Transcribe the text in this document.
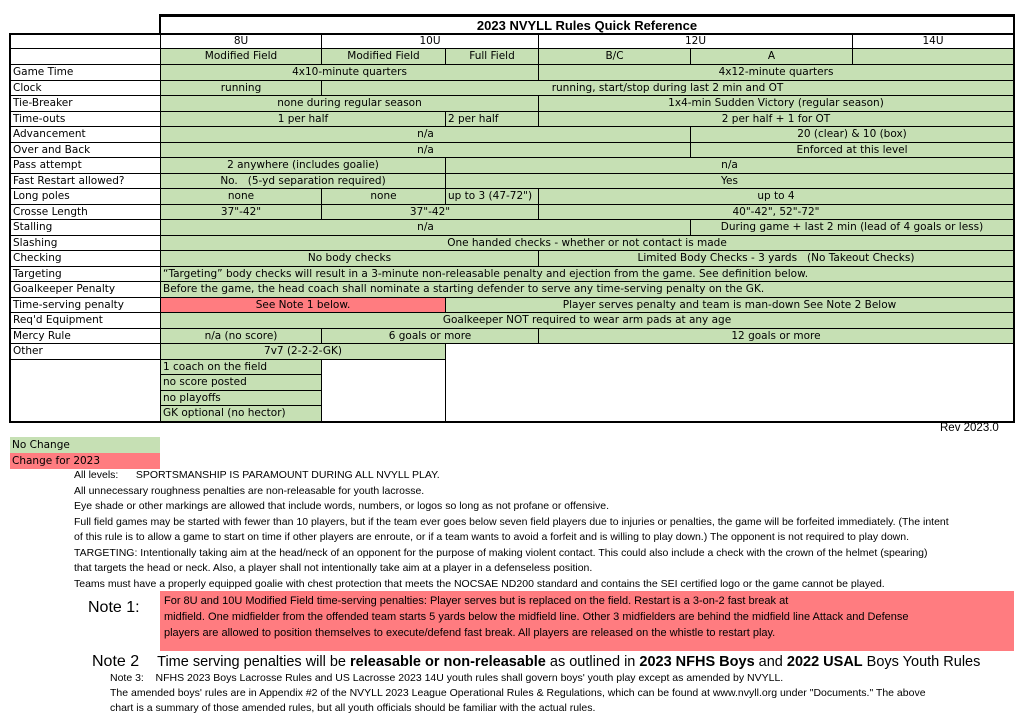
2023 NVYLL Rules Quick Reference
8U	10U	12U	14U
Modified Field	Modified Field	Full Field	B/C	A
Game Time	4x10-minute quarters	4x12-minute quarters
Clock	running	running, start/stop during last 2 min and OT
Tie-Breaker	none during regular season	1x4-min Sudden Victory (regular season)
Time-outs	1 per half	2 per half	2 per half + 1 for OT
Advancement	n/a	20 (clear) & 10 (box)
Over and Back	n/a	Enforced at this level
Pass attempt	2 anywhere (includes goalie)	n/a
Fast Restart allowed?	No.   (5-yd separation required)	Yes
Long poles	none	none	up to 3 (47-72")	up to 4
Crosse Length	37"-42"	37"-42"	40"-42", 52"-72"
Stalling	n/a	During game + last 2 min (lead of 4 goals or less)
Slashing	One handed checks - whether or not contact is made
Checking	No body checks	Limited Body Checks - 3 yards   (No Takeout Checks)
Targeting	“Targeting” body checks will result in a 3-minute non-releasable penalty and ejection from the game. See definition below.
Goalkeeper Penalty	Before the game, the head coach shall nominate a starting defender to serve any time-serving penalty on the GK.
Time-serving penalty	See Note 1 below.	Player serves penalty and team is man-down See Note 2 Below
Req'd Equipment	Goalkeeper NOT required to wear arm pads at any age
Mercy Rule	n/a (no score)	6 goals or more	12 goals or more
Other	7v7 (2-2-2-GK)
1 coach on the field
no score posted
no playoffs
GK optional (no hector)
Rev 2023.0
No Change
Change for 2023

All levels:      SPORTSMANSHIP IS PARAMOUNT DURING ALL NVYLL PLAY.

All unnecessary roughness penalties are non-releasable for youth lacrosse.

Eye shade or other markings are allowed that include words, numbers, or logos so long as not profane or offensive.

Full field games may be started with fewer than 10 players, but if the team ever goes below seven field players due to injuries or penalties, the game will be forfeited immediately. (The intent

of this rule is to allow a game to start on time if other players are enroute, or if a team wants to avoid a forfeit and is willing to play down.) The opponent is not required to play down.

TARGETING: Intentionally taking aim at the head/neck of an opponent for the purpose of making violent contact. This could also include a check with the crown of the helmet (spearing)

that targets the head or neck. Also, a player shall not intentionally take aim at a player in a defenseless position.

Teams must have a properly equipped goalie with chest protection that meets the NOCSAE ND200 standard and contains the SEI certified logo or the game cannot be played.

Note 1: For 8U and 10U Modified Field time-serving penalties: Player serves but is replaced on the field. Restart is a 3-on-2 fast break at

midfield. One midfielder from the offended team starts 5 yards below the midfield line. Other 3 midfielders are behind the midfield line Attack and Defense

players are allowed to position themselves to execute/defend fast break. All players are released on the whistle to restart play.

Note 2 Time serving penalties will be releasable or non-releasable as outlined in 2023 NFHS Boys and 2022 USAL Boys Youth Rules

Note 3:    NFHS 2023 Boys Lacrosse Rules and US Lacrosse 2023 14U youth rules shall govern boys' youth play except as amended by NVYLL.

The amended boys' rules are in Appendix #2 of the NVYLL 2023 League Operational Rules & Regulations, which can be found at www.nvyll.org under "Documents." The above

chart is a summary of those amended rules, but all youth officials should be familiar with the actual rules.
